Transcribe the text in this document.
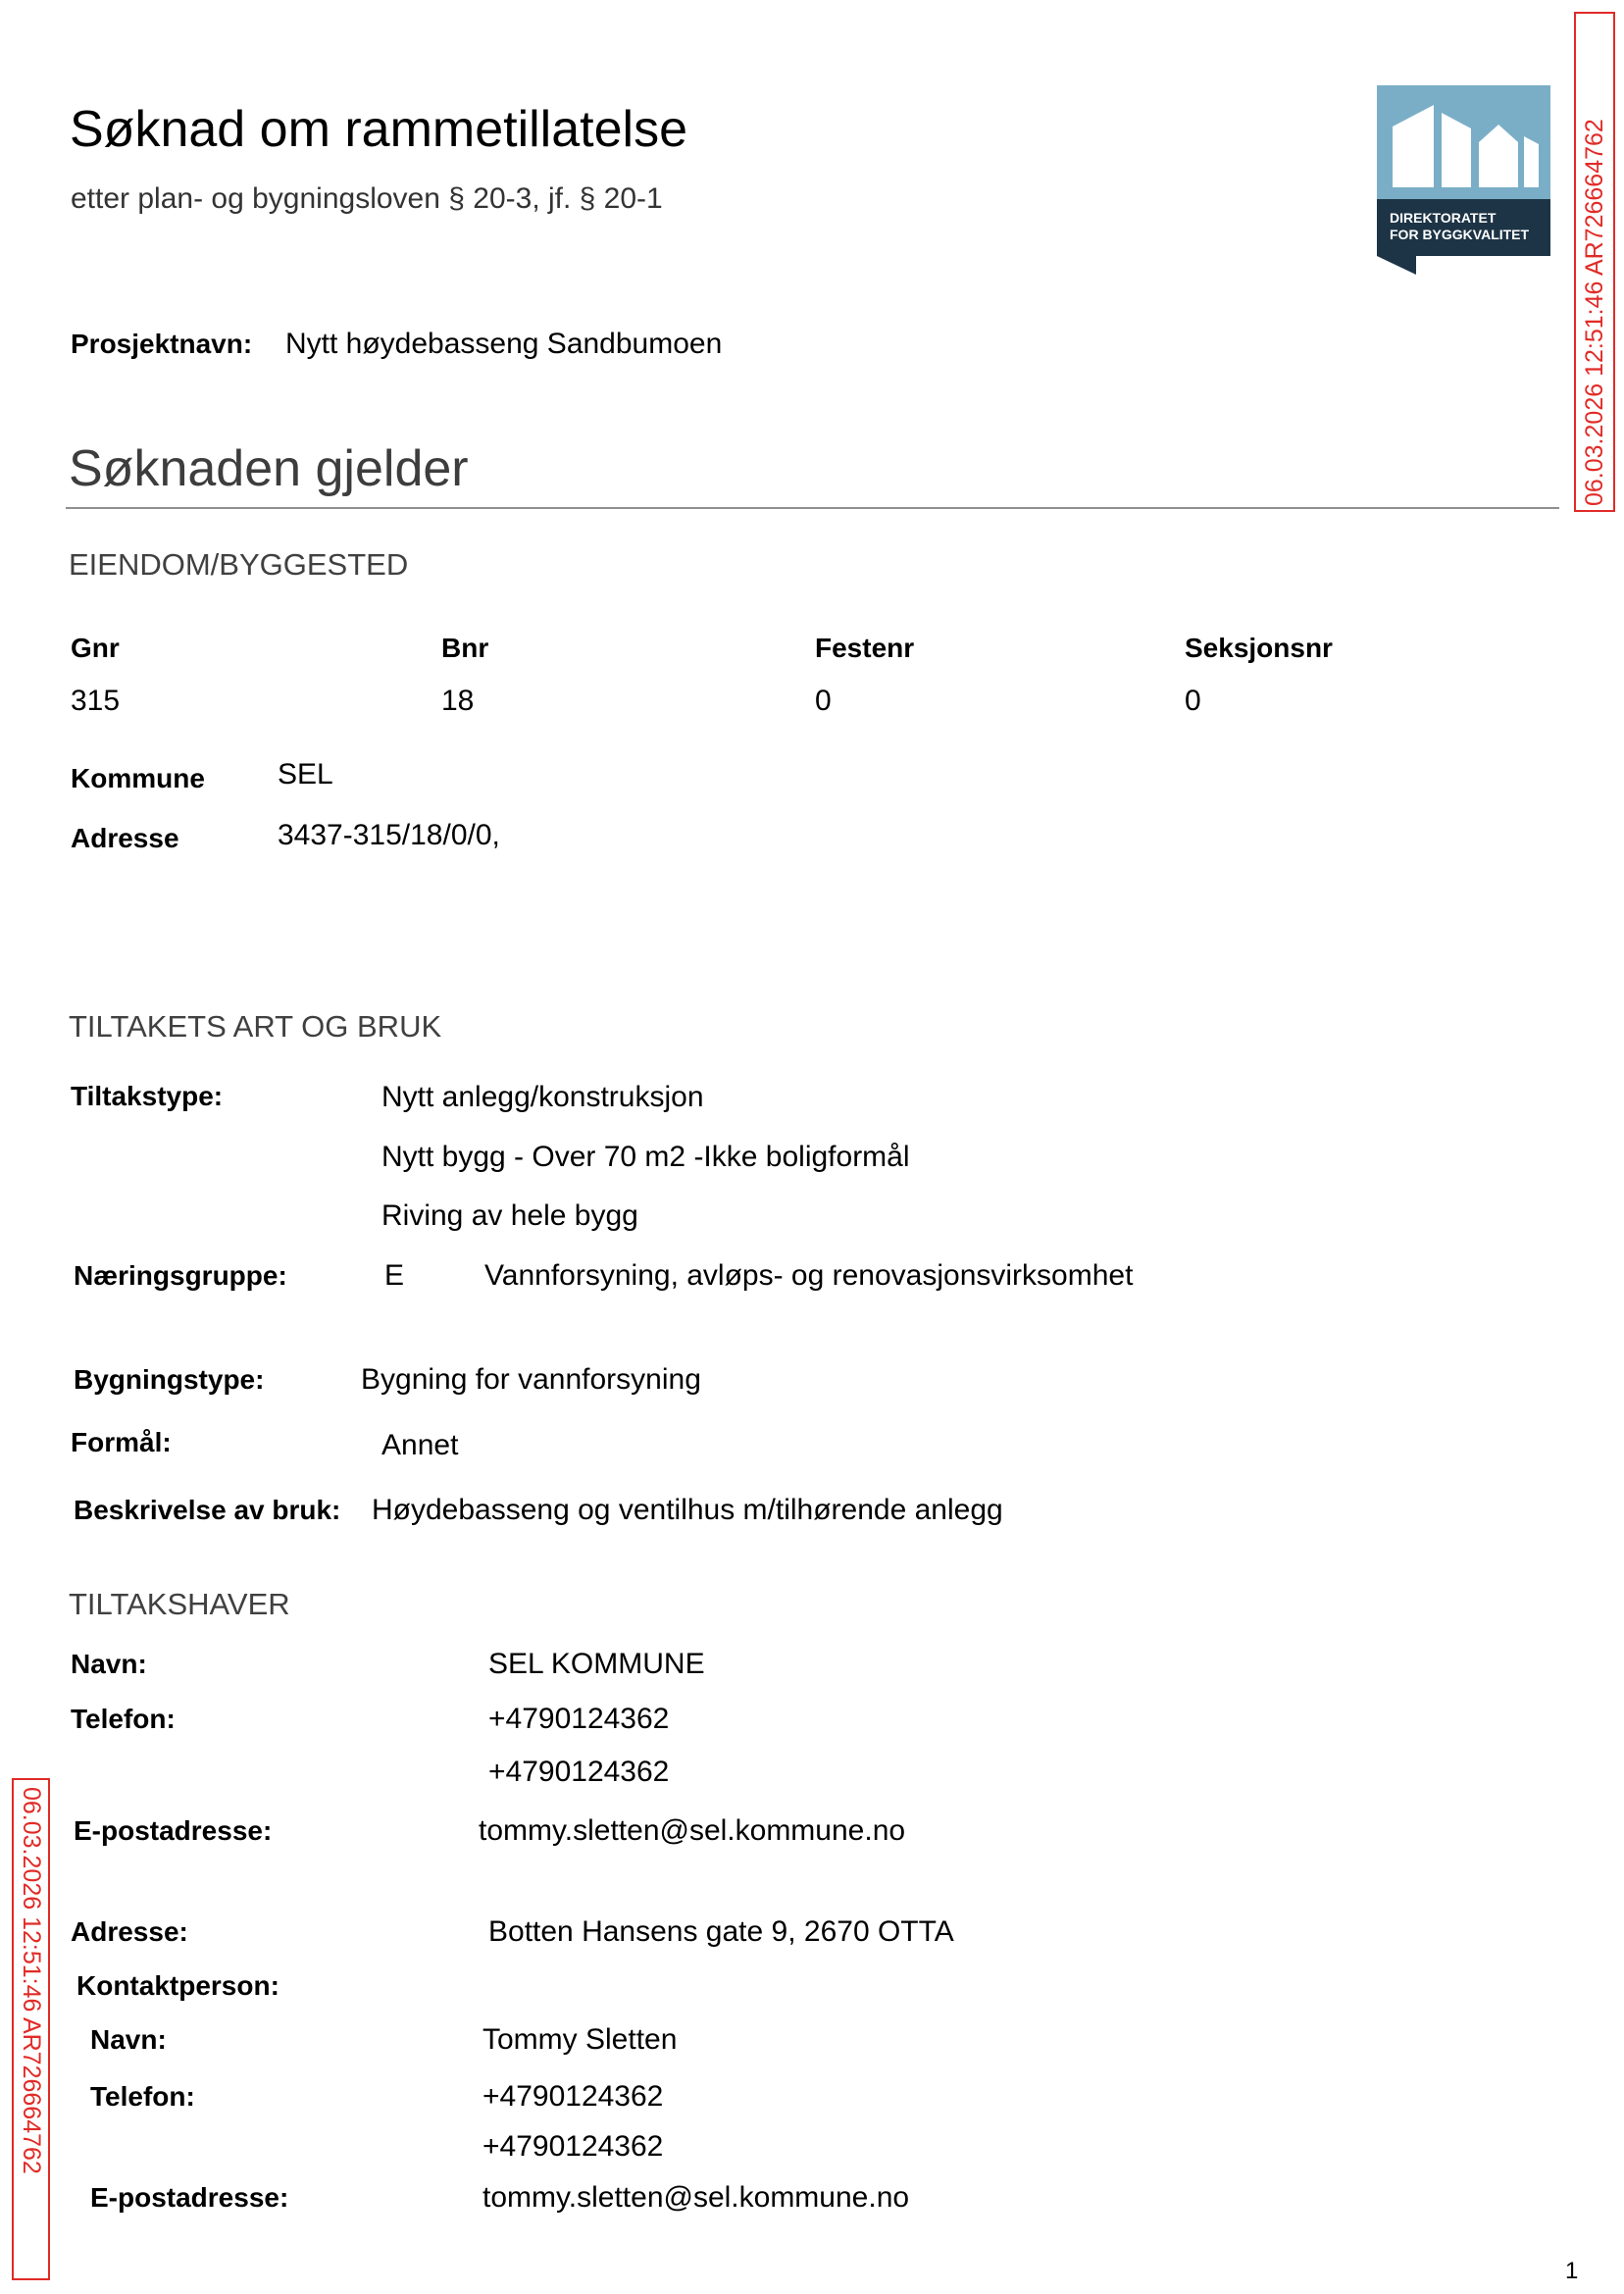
Søknad om rammetillatelse
etter plan- og bygningsloven § 20-3, jf. § 20-1
DIREKTORATET
FOR BYGGKVALITET 06.03.2026 12:51:46 AR726664762
06.03.2026 12:51:46 AR726664762
Prosjektnavn: Nytt høydebasseng Sandbumoen
Søknaden gjelder
EIENDOM/BYGGESTED
Gnr	Bnr	Festenr	Seksjonsnr
315	18	0	0
Kommune SEL
Adresse	3437-315/18/0/0,
TILTAKETS ART OG BRUK
Tiltakstype:	Nytt anlegg/konstruksjon
Nytt bygg - Over 70 m2 -Ikke boligformål
Riving av hele bygg
Næringsgruppe:	E	Vannforsyning, avløps- og renovasjonsvirksomhet
Bygningstype:	Bygning for vannforsyning
Formål:	Annet
Beskrivelse av bruk: Høydebasseng og ventilhus m/tilhørende anlegg
TILTAKSHAVER
Navn:	SEL KOMMUNE
Telefon:	+4790124362
+4790124362
E-postadresse:	tommy.sletten@sel.kommune.no
Adresse:	Botten Hansens gate 9, 2670 OTTA
Kontaktperson:
Navn:	Tommy Sletten
Telefon:	+4790124362
+4790124362
E-postadresse:	tommy.sletten@sel.kommune.no
1
